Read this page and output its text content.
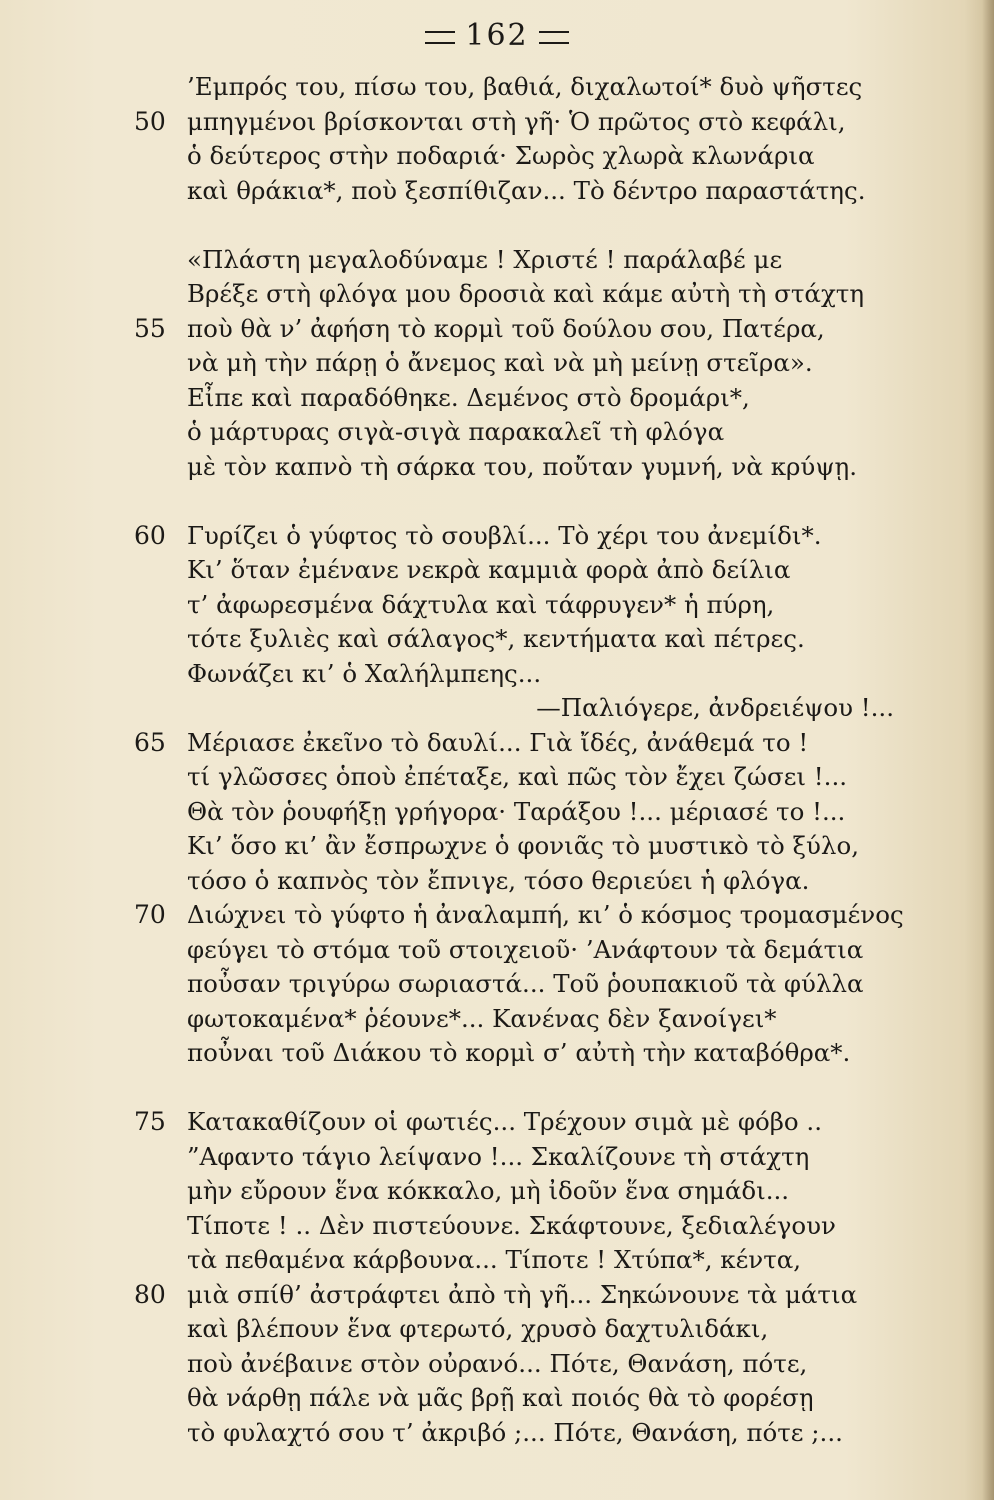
162
’Εμπρός του, πίσω του, βαθιά, διχαλωτοί* δυὸ ψῆστες
50 μπηγμένοι βρίσκονται στὴ γῆ· Ὁ πρῶτος στὸ κεφάλι,
ὁ δεύτερος στὴν ποδαριά· Σωρὸς χλωρὰ κλωνάρια
καὶ θράκια*, ποὺ ξεσπίθιζαν... Τὸ δέντρο παραστάτης.
«Πλάστη μεγαλοδύναμε ! Χριστέ ! παράλαβέ με
Βρέξε στὴ φλόγα μου δροσιὰ καὶ κάμε αὐτὴ τὴ στάχτη
55 ποὺ θὰ ν’ ἀφήση τὸ κορμὶ τοῦ δούλου σου, Πατέρα,
νὰ μὴ τὴν πάρῃ ὁ ἄνεμος καὶ νὰ μὴ μείνῃ στεῖρα».
Εἶπε καὶ παραδόθηκε. Δεμένος στὸ δρομάρι*,
ὁ μάρτυρας σιγὰ-σιγὰ παρακαλεῖ τὴ φλόγα
μὲ τὸν καπνὸ τὴ σάρκα του, ποὔταν γυμνή, νὰ κρύψῃ.
60 Γυρίζει ὁ γύφτος τὸ σουβλί... Τὸ χέρι του ἀνεμίδι*.
Κι’ ὅταν ἐμένανε νεκρὰ καμμιὰ φορὰ ἀπὸ δείλια
τ’ ἀφωρεσμένα δάχτυλα καὶ τάφρυγεν* ἡ πύρη,
τότε ξυλιὲς καὶ σάλαγος*, κεντήματα καὶ πέτρες.
Φωνάζει κι’ ὁ Χαλήλμπεης...
—Παλιόγερε, ἀνδρειέψου !...
65 Μέριασε ἐκεῖνο τὸ δαυλί... Γιὰ ἴδές, ἀνάθεμά το !
τί γλῶσσες ὁποὺ ἐπέταξε, καὶ πῶς τὸν ἔχει ζώσει !...
Θὰ τὸν ῥουφήξῃ γρήγορα· Ταράξου !... μέριασέ το !...
Κι’ ὅσο κι’ ἂν ἔσπρωχνε ὁ φονιᾶς τὸ μυστικὸ τὸ ξύλο,
τόσο ὁ καπνὸς τὸν ἔπνιγε, τόσο θεριεύει ἡ φλόγα.
70 Διώχνει τὸ γύφτο ἡ ἀναλαμπή, κι’ ὁ κόσμος τρομασμένος
φεύγει τὸ στόμα τοῦ στοιχειοῦ· ’Ανάφτουν τὰ δεμάτια
ποὖσαν τριγύρω σωριαστά... Τοῦ ῥουπακιοῦ τὰ φύλλα
φωτοκαμένα* ῥέουνε*... Κανένας δὲν ξανοίγει*
ποὖναι τοῦ Διάκου τὸ κορμὶ σ’ αὐτὴ τὴν καταβόθρα*.
75 Κατακαθίζουν οἱ φωτιές... Τρέχουν σιμὰ μὲ φόβο ..
”Αφαντο τάγιο λείψανο !... Σκαλίζουνε τὴ στάχτη
μὴν εὔρουν ἕνα κόκκαλο, μὴ ἰδοῦν ἕνα σημάδι...
Τίποτε ! .. Δὲν πιστεύουνε. Σκάφτουνε, ξεδιαλέγουν
τὰ πεθαμένα κάρβουνα... Τίποτε ! Χτύπα*, κέντα,
80 μιὰ σπίθ’ ἀστράφτει ἀπὸ τὴ γῆ... Σηκώνουνε τὰ μάτια
καὶ βλέπουν ἕνα φτερωτό, χρυσὸ δαχτυλιδάκι,
ποὺ ἀνέβαινε στὸν οὐρανό... Πότε, Θανάση, πότε,
θὰ νάρθῃ πάλε νὰ μᾶς βρῇ καὶ ποιός θὰ τὸ φορέσῃ
τὸ φυλαχτό σου τ’ ἀκριβό ;... Πότε, Θανάση, πότε ;...
